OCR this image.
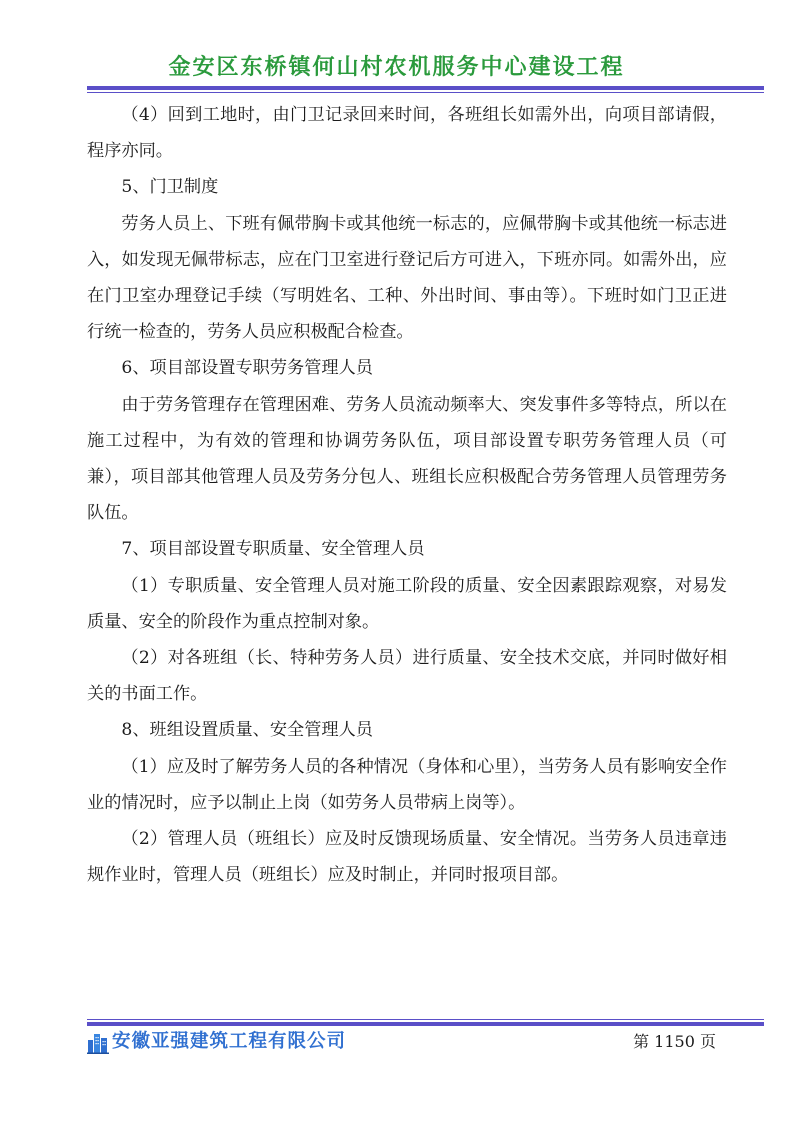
金安区东桥镇何山村农机服务中心建设工程

（4）回到工地时，由门卫记录回来时间，各班组长如需外出，向项目部请假，程序亦同。

5、门卫制度

劳务人员上、下班有佩带胸卡或其他统一标志的，应佩带胸卡或其他统一标志进入，如发现无佩带标志，应在门卫室进行登记后方可进入，下班亦同。如需外出，应在门卫室办理登记手续（写明姓名、工种、外出时间、事由等）。下班时如门卫正进行统一检查的，劳务人员应积极配合检查。

6、项目部设置专职劳务管理人员

由于劳务管理存在管理困难、劳务人员流动频率大、突发事件多等特点，所以在施工过程中，为有效的管理和协调劳务队伍，项目部设置专职劳务管理人员（可兼），项目部其他管理人员及劳务分包人、班组长应积极配合劳务管理人员管理劳务队伍。

7、项目部设置专职质量、安全管理人员

（1）专职质量、安全管理人员对施工阶段的质量、安全因素跟踪观察，对易发质量、安全的阶段作为重点控制对象。

（2）对各班组（长、特种劳务人员）进行质量、安全技术交底，并同时做好相关的书面工作。

8、班组设置质量、安全管理人员

（1）应及时了解劳务人员的各种情况（身体和心里），当劳务人员有影响安全作业的情况时，应予以制止上岗（如劳务人员带病上岗等）。

（2）管理人员（班组长）应及时反馈现场质量、安全情况。当劳务人员违章违规作业时，管理人员（班组长）应及时制止，并同时报项目部。

安徽亚强建筑工程有限公司	第 1150 页
